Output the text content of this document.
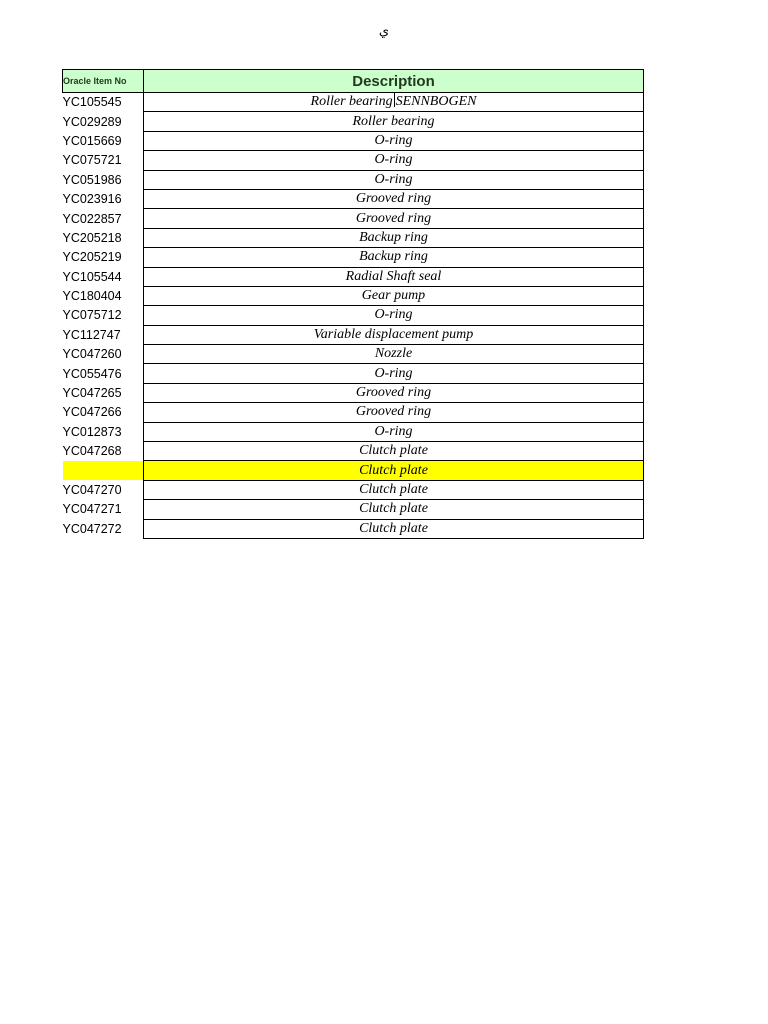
ي
Oracle Item No	Description
YC105545	Roller bearing SENNBOGEN
YC029289	Roller bearing
YC015669	O-ring
YC075721	O-ring
YC051986	O-ring
YC023916	Grooved ring
YC022857	Grooved ring
YC205218	Backup ring
YC205219	Backup ring
YC105544	Radial Shaft seal
YC180404	Gear pump
YC075712	O-ring
YC112747	Variable displacement pump
YC047260	Nozzle
YC055476	O-ring
YC047265	Grooved ring
YC047266	Grooved ring
YC012873	O-ring
YC047268	Clutch plate
	Clutch plate
YC047270	Clutch plate
YC047271	Clutch plate
YC047272	Clutch plate
